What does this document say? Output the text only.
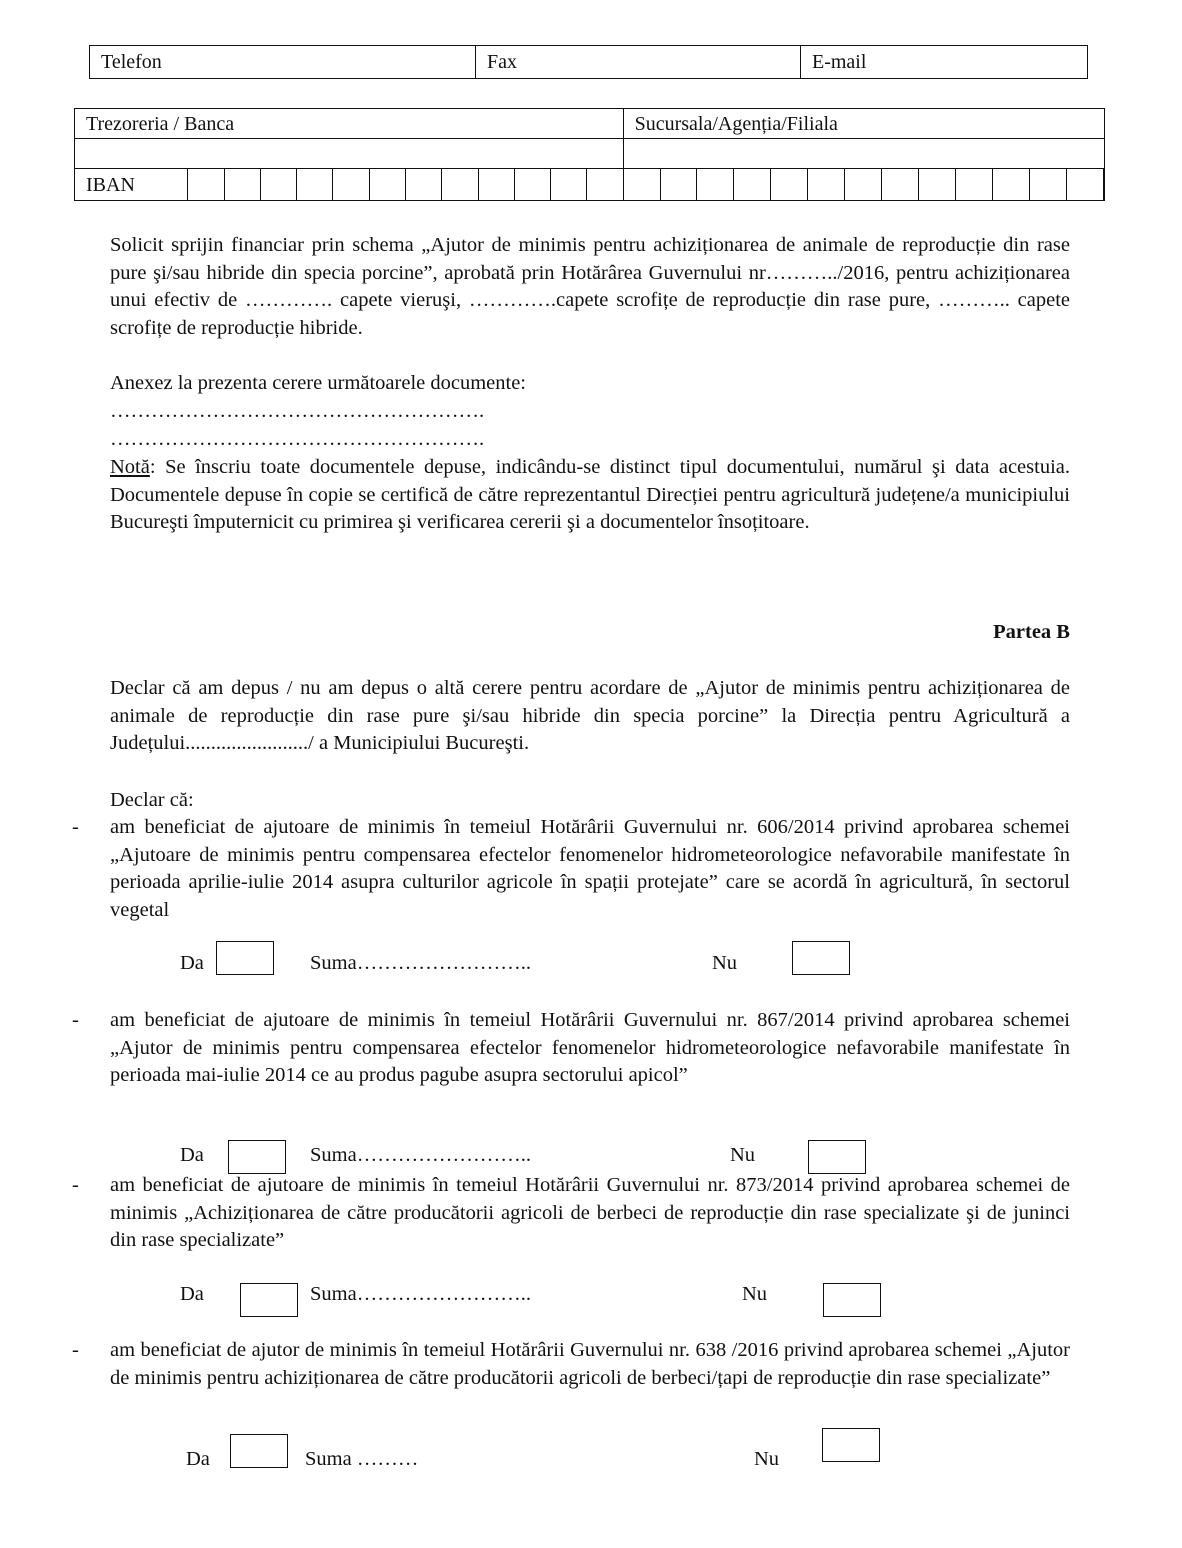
Telefon	Fax	E-mail
Trezoreria / Banca													Sucursala/Agenția/Filiala													

IBAN																										
Solicit sprijin financiar prin schema „Ajutor de minimis pentru achiziționarea de animale de reproducție din rase pure şi/sau hibride din specia porcine”, aprobată prin Hotărârea Guvernului nr………../2016, pentru achiziționarea unui efectiv de …………. capete vieruşi, ………….capete scrofițe de reproducție din rase pure, ……….. capete scrofițe de reproducție hibride.
Anexez la prezenta cerere următoarele documente:
……………………………………………….
……………………………………………….
Notă: Se înscriu toate documentele depuse, indicându-se distinct tipul documentului, numărul şi data acestuia. Documentele depuse în copie se certifică de către reprezentantul Direcției pentru agricultură județene/a municipiului Bucureşti împuternicit cu primirea şi verificarea cererii şi a documentelor însoțitoare.
Partea B
Declar că am depus / nu am depus o altă cerere pentru acordare de „Ajutor de minimis pentru achiziționarea de animale de reproducție din rase pure şi/sau hibride din specia porcine” la Direcția pentru Agricultură a Județului......................../ a Municipiului Bucureşti.
Declar că:
- am beneficiat de ajutoare de minimis în temeiul Hotărârii Guvernului nr. 606/2014 privind aprobarea schemei „Ajutoare de minimis pentru compensarea efectelor fenomenelor hidrometeorologice nefavorabile manifestate în perioada aprilie-iulie 2014 asupra culturilor agricole în spații protejate” care se acordă în agricultură, în sectorul vegetal
Da	Suma……………………..	Nu
- am beneficiat de ajutoare de minimis în temeiul Hotărârii Guvernului nr. 867/2014 privind aprobarea schemei „Ajutor de minimis pentru compensarea efectelor fenomenelor hidrometeorologice nefavorabile manifestate în perioada mai-iulie 2014 ce au produs pagube asupra sectorului apicol”
Da	Suma……………………..	Nu
- am beneficiat de ajutoare de minimis în temeiul Hotărârii Guvernului nr. 873/2014 privind aprobarea schemei de minimis „Achiziționarea de către producătorii agricoli de berbeci de reproducție din rase specializate şi de juninci din rase specializate”
Da	Suma……………………..	Nu
- am beneficiat de ajutor de minimis în temeiul Hotărârii Guvernului nr. 638 /2016 privind aprobarea schemei „Ajutor de minimis pentru achiziționarea de către producătorii agricoli de berbeci/țapi de reproducție din rase specializate”
Da	Suma ………	Nu
